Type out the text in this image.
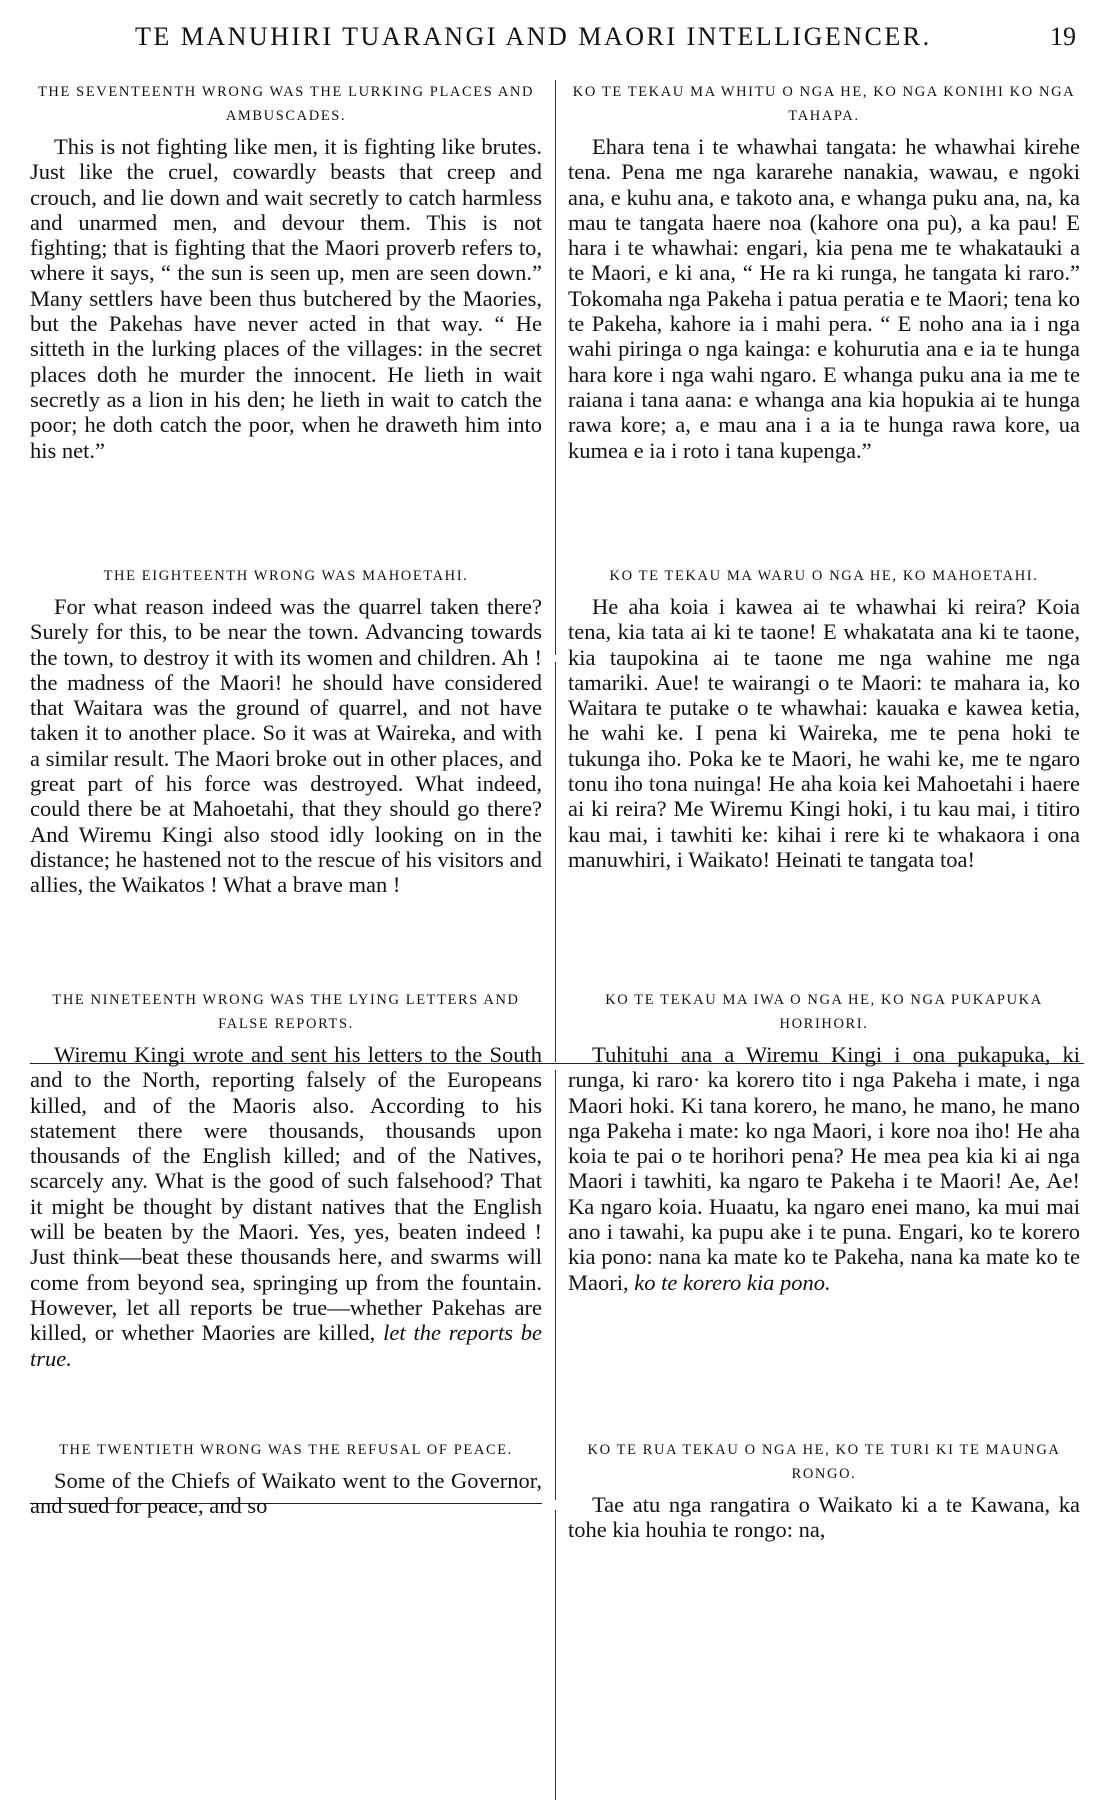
TE MANUHIRI TUARANGI AND MAORI INTELLIGENCER.	19
THE SEVENTEENTH WRONG WAS THE LURKING PLACES AND AMBUSCADES.

This is not fighting like men, it is fighting like brutes. Just like the cruel, cowardly beasts that creep and crouch, and lie down and wait secretly to catch harmless and unarmed men, and devour them. This is not fighting; that is fighting that the Maori proverb refers to, where it says, “ the sun is seen up, men are seen down.” Many settlers have been thus butchered by the Maories, but the Pakehas have never acted in that way. “ He sitteth in the lurking places of the villages: in the secret places doth he murder the innocent. He lieth in wait secretly as a lion in his den; he lieth in wait to catch the poor; he doth catch the poor, when he draweth him into his net.”

THE EIGHTEENTH WRONG WAS MAHOETAHI.

For what reason indeed was the quarrel taken there? Surely for this, to be near the town. Advancing towards the town, to destroy it with its women and children. Ah ! the madness of the Maori! he should have considered that Waitara was the ground of quarrel, and not have taken it to another place. So it was at Waireka, and with a similar result. The Maori broke out in other places, and great part of his force was destroyed. What indeed, could there be at Mahoetahi, that they should go there? And Wiremu Kingi also stood idly looking on in the distance; he hastened not to the rescue of his visitors and allies, the Waikatos ! What a brave man !

THE NINETEENTH WRONG WAS THE LYING LETTERS AND FALSE REPORTS.

Wiremu Kingi wrote and sent his letters to the South and to the North, reporting falsely of the Europeans killed, and of the Maoris also. According to his statement there were thousands, thousands upon thousands of the English killed; and of the Natives, scarcely any. What is the good of such falsehood? That it might be thought by distant natives that the English will be beaten by the Maori. Yes, yes, beaten indeed ! Just think—beat these thousands here, and swarms will come from beyond sea, springing up from the fountain. However, let all reports be true—whether Pakehas are killed, or whether Maories are killed, let the reports be true.

THE TWENTIETH WRONG WAS THE REFUSAL OF PEACE.

Some of the Chiefs of Waikato went to the Governor, and sued for peace, and so

KO TE TEKAU MA WHITU O NGA HE, KO NGA KONIHI KO NGA TAHAPA.

Ehara tena i te whawhai tangata: he whawhai kirehe tena. Pena me nga kararehe nanakia, wawau, e ngoki ana, e kuhu ana, e takoto ana, e whanga puku ana, na, ka mau te tangata haere noa (kahore ona pu), a ka pau! E hara i te whawhai: engari, kia pena me te whakatauki a te Maori, e ki ana, “ He ra ki runga, he tangata ki raro.” Tokomaha nga Pakeha i patua peratia e te Maori; tena ko te Pakeha, kahore ia i mahi pera. “ E noho ana ia i nga wahi piringa o nga kainga: e kohurutia ana e ia te hunga hara kore i nga wahi ngaro. E whanga puku ana ia me te raiana i tana aana: e whanga ana kia hopukia ai te hunga rawa kore; a, e mau ana i a ia te hunga rawa kore, ua kumea e ia i roto i tana kupenga.”

KO TE TEKAU MA WARU O NGA HE, KO MAHOETAHI.

He aha koia i kawea ai te whawhai ki reira? Koia tena, kia tata ai ki te taone! E whakatata ana ki te taone, kia taupokina ai te taone me nga wahine me nga tamariki. Aue! te wairangi o te Maori: te mahara ia, ko Waitara te putake o te whawhai: kauaka e kawea ketia, he wahi ke. I pena ki Waireka, me te pena hoki te tukunga iho. Poka ke te Maori, he wahi ke, me te ngaro tonu iho tona nuinga! He aha koia kei Mahoetahi i haere ai ki reira? Me Wiremu Kingi hoki, i tu kau mai, i titiro kau mai, i tawhiti ke: kihai i rere ki te whakaora i ona manuwhiri, i Waikato! Heinati te tangata toa!

KO TE TEKAU MA IWA O NGA HE, KO NGA PUKAPUKA HORIHORI.

Tuhituhi ana a Wiremu Kingi i ona pukapuka, ki runga, ki raro· ka korero tito i nga Pakeha i mate, i nga Maori hoki. Ki tana korero, he mano, he mano, he mano nga Pakeha i mate: ko nga Maori, i kore noa iho! He aha koia te pai o te horihori pena? He mea pea kia ki ai nga Maori i tawhiti, ka ngaro te Pakeha i te Maori! Ae, Ae! Ka ngaro koia. Huaatu, ka ngaro enei mano, ka mui mai ano i tawahi, ka pupu ake i te puna. Engari, ko te korero kia pono: nana ka mate ko te Pakeha, nana ka mate ko te Maori, ko te korero kia pono.

KO TE RUA TEKAU O NGA HE, KO TE TURI KI TE MAUNGA RONGO.

Tae atu nga rangatira o Waikato ki a te Kawana, ka tohe kia houhia te rongo: na,
